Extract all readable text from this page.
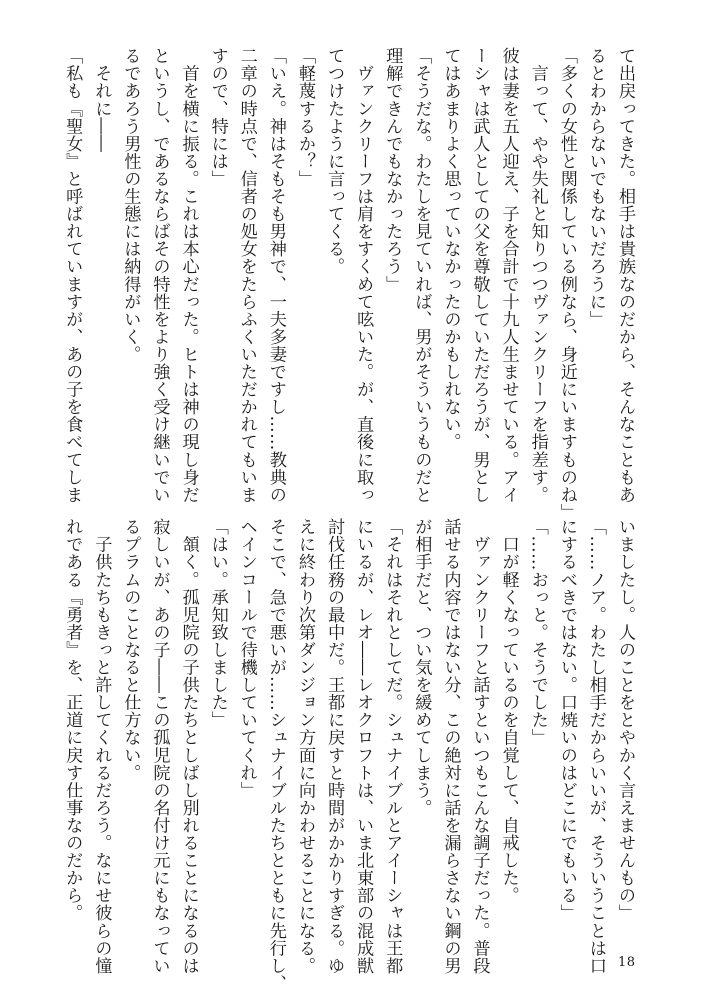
て出戻ってきた。相手は貴族なのだから、そんなこともあ
るとわからないでもないだろうに」
「多くの女性と関係している例なら、身近にいますものね」
　言って、やや失礼と知りつつヴァンクリーフを指差す。
彼は妻を五人迎え、子を合計で十九人生ませている。アイ
ーシャは武人としての父を尊敬していただろうが、男とし
てはあまりよく思っていなかったのかもしれない。
「そうだな。わたしを見ていれば、男がそういうものだと
理解できんでもなかったろう」
　ヴァンクリーフは肩をすくめて呟いた。が、直後に取っ
てつけたように言ってくる。
「軽蔑するか？」
「いえ。神はそもそも男神で、一夫多妻ですし……教典の
二章の時点で、信者の処女をたらふくいただかれてもいま
すので、特には」
　首を横に振る。これは本心だった。ヒトは神の現し身だ
というし、であるならばその特性をより強く受け継いでい
るであろう男性の生態には納得がいく。
　それに――
「私も『聖女』と呼ばれていますが、あの子を食べてしま
いましたし。人のことをとやかく言えませんもの」
「……ノア。わたし相手だからいいが、そういうことは口
にするべきではない。口焼いのはどこにでもいる」
「……おっと。そうでした」
　口が軽くなっているのを自覚して、自戒した。
　ヴァンクリーフと話すといつもこんな調子だった。普段
話せる内容ではない分、この絶対に話を漏らさない鋼の男
が相手だと、つい気を緩めてしまう。
「それはそれとしてだ。シュナイブルとアイーシャは王都
にいるが、レオ――レオクロフトは、いま北東部の混成獣
討伐任務の最中だ。王都に戻すと時間がかかりすぎる。ゆ
えに終わり次第ダンジョン方面に向かわせることになる。
そこで、急で悪いが……シュナイブルたちとともに先行し、
ヘインコールで待機していてくれ」
「はい。承知致しました」
　頷く。孤児院の子供たちとしばし別れることになるのは
寂しいが、あの子――この孤児院の名付け元にもなってい
るプラムのことなると仕方ない。
　子供たちもきっと許してくれるだろう。なにせ彼らの憧
れである『勇者』を、正道に戻す仕事なのだから。
18
